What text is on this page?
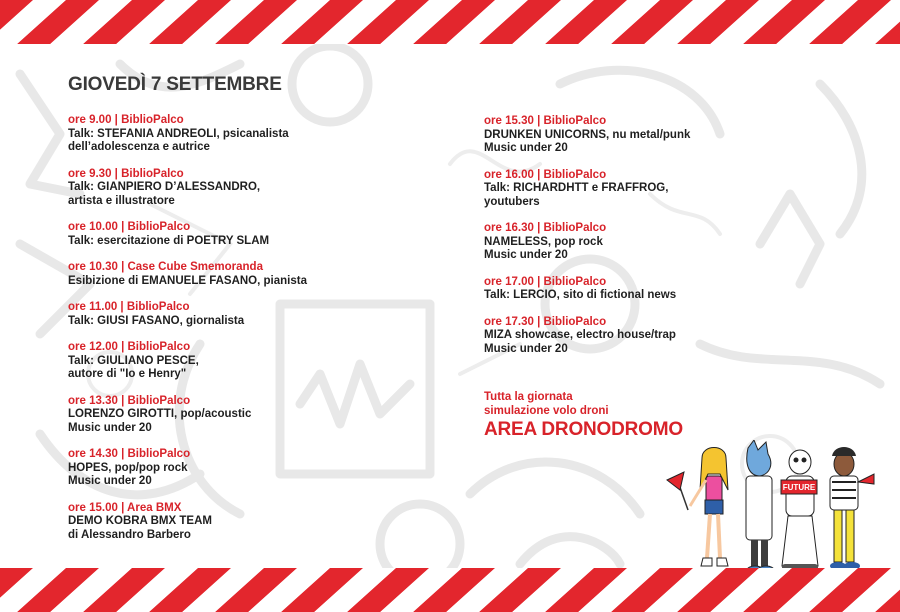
GIOVEDÌ 7 SETTEMBRE
ore 9.00 | BiblioPalco
Talk: STEFANIA ANDREOLI, psicanalista
dell’adolescenza e autrice
ore 9.30 | BiblioPalco
Talk: GIANPIERO D’ALESSANDRO,
artista e illustratore
ore 10.00 | BiblioPalco
Talk: esercitazione di POETRY SLAM
ore 10.30 | Case Cube Smemoranda
Esibizione di EMANUELE FASANO, pianista
ore 11.00 | BiblioPalco
Talk: GIUSI FASANO, giornalista
ore 12.00 | BiblioPalco
Talk: GIULIANO PESCE,
autore di "Io e Henry"
ore 13.30 | BiblioPalco
LORENZO GIROTTI, pop/acoustic
Music under 20
ore 14.30 | BiblioPalco
HOPES, pop/pop rock
Music under 20
ore 15.00 | Area BMX
DEMO KOBRA BMX TEAM
di Alessandro Barbero
ore 15.30 | BiblioPalco
DRUNKEN UNICORNS, nu metal/punk
Music under 20
ore 16.00 | BiblioPalco
Talk: RICHARDHTT e FRAFFROG,
youtubers
ore 16.30 | BiblioPalco
NAMELESS, pop rock
Music under 20
ore 17.00 | BiblioPalco
Talk: LERCIO, sito di fictional news
ore 17.30 | BiblioPalco
MIZA showcase, electro house/trap
Music under 20
Tutta la giornata
simulazione volo droni
AREA DRONODROMO
FUTURE
